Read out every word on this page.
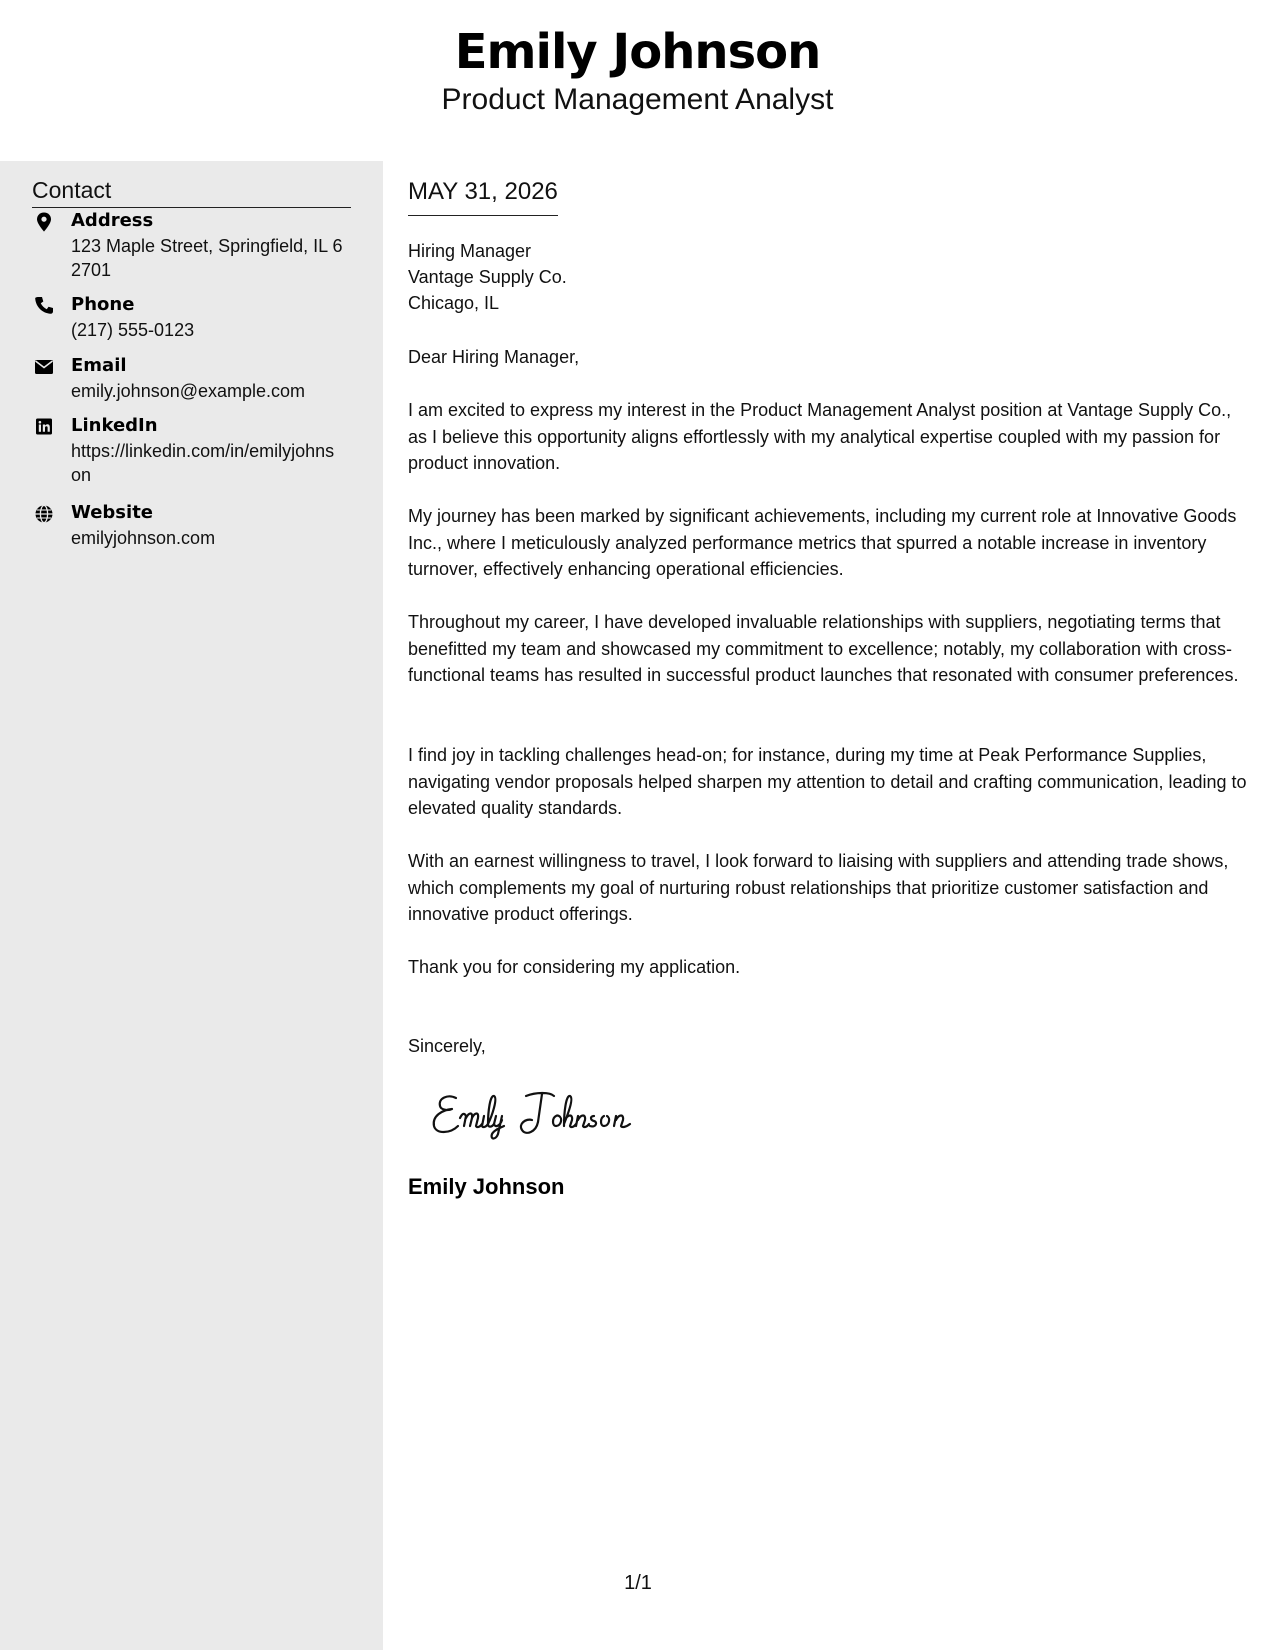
Emily Johnson
Product Management Analyst
Contact
Address
123 Maple Street, Springfield, IL 62701
Phone
(217) 555-0123
Email
emily.johnson@example.com
LinkedIn
https://linkedin.com/in/emilyjohnson
Website
emilyjohnson.com
MAY 31, 2026
Hiring Manager
Vantage Supply Co.
Chicago, IL

Dear Hiring Manager,

I am excited to express my interest in the Product Management Analyst position at Vantage Supply Co., as I believe this opportunity aligns effortlessly with my analytical expertise coupled with my passion for product innovation.

My journey has been marked by significant achievements, including my current role at Innovative Goods Inc., where I meticulously analyzed performance metrics that spurred a notable increase in inventory turnover, effectively enhancing operational efficiencies.

Throughout my career, I have developed invaluable relationships with suppliers, negotiating terms that benefitted my team and showcased my commitment to excellence; notably, my collaboration with cross-functional teams has resulted in successful product launches that resonated with consumer preferences.

I find joy in tackling challenges head-on; for instance, during my time at Peak Performance Supplies, navigating vendor proposals helped sharpen my attention to detail and crafting communication, leading to elevated quality standards.

With an earnest willingness to travel, I look forward to liaising with suppliers and attending trade shows, which complements my goal of nurturing robust relationships that prioritize customer satisfaction and innovative product offerings.

Thank you for considering my application.

Sincerely,

Emily Johnson
1/1
